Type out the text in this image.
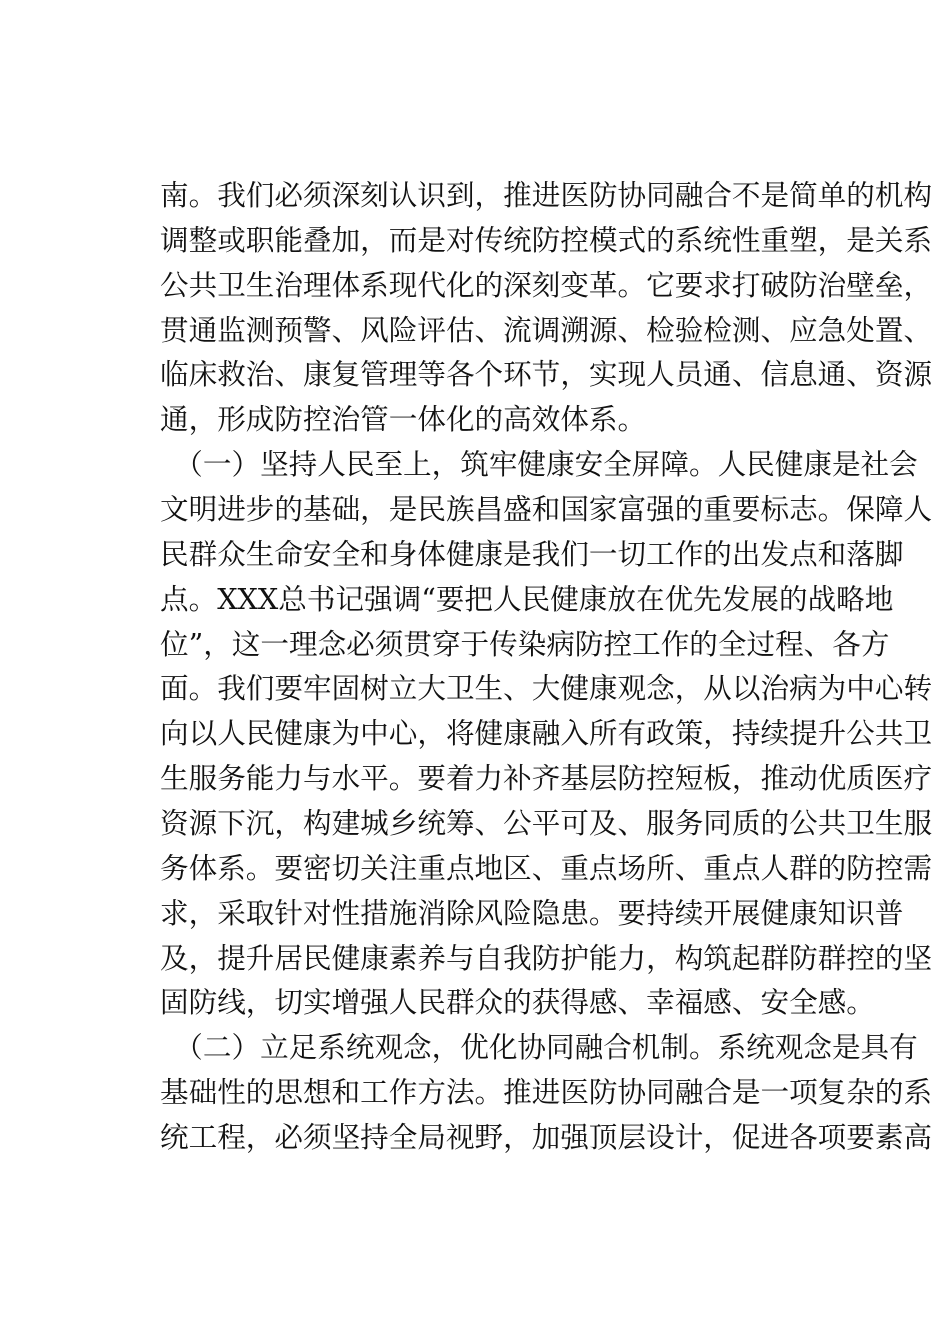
南。我们必须深刻认识到，推进医防协同融合不是简单的机构
调整或职能叠加，而是对传统防控模式的系统性重塑，是关系
公共卫生治理体系现代化的深刻变革。它要求打破防治壁垒，
贯通监测预警、风险评估、流调溯源、检验检测、应急处置、
临床救治、康复管理等各个环节，实现人员通、信息通、资源
通，形成防控治管一体化的高效体系。
　（一）坚持人民至上，筑牢健康安全屏障。人民健康是社会
文明进步的基础，是民族昌盛和国家富强的重要标志。保障人
民群众生命安全和身体健康是我们一切工作的出发点和落脚
点。XXX总书记强调“要把人民健康放在优先发展的战略地
位”，这一理念必须贯穿于传染病防控工作的全过程、各方
面。我们要牢固树立大卫生、大健康观念，从以治病为中心转
向以人民健康为中心，将健康融入所有政策，持续提升公共卫
生服务能力与水平。要着力补齐基层防控短板，推动优质医疗
资源下沉，构建城乡统筹、公平可及、服务同质的公共卫生服
务体系。要密切关注重点地区、重点场所、重点人群的防控需
求，采取针对性措施消除风险隐患。要持续开展健康知识普
及，提升居民健康素养与自我防护能力，构筑起群防群控的坚
固防线，切实增强人民群众的获得感、幸福感、安全感。
　（二）立足系统观念，优化协同融合机制。系统观念是具有
基础性的思想和工作方法。推进医防协同融合是一项复杂的系
统工程，必须坚持全局视野，加强顶层设计，促进各项要素高
